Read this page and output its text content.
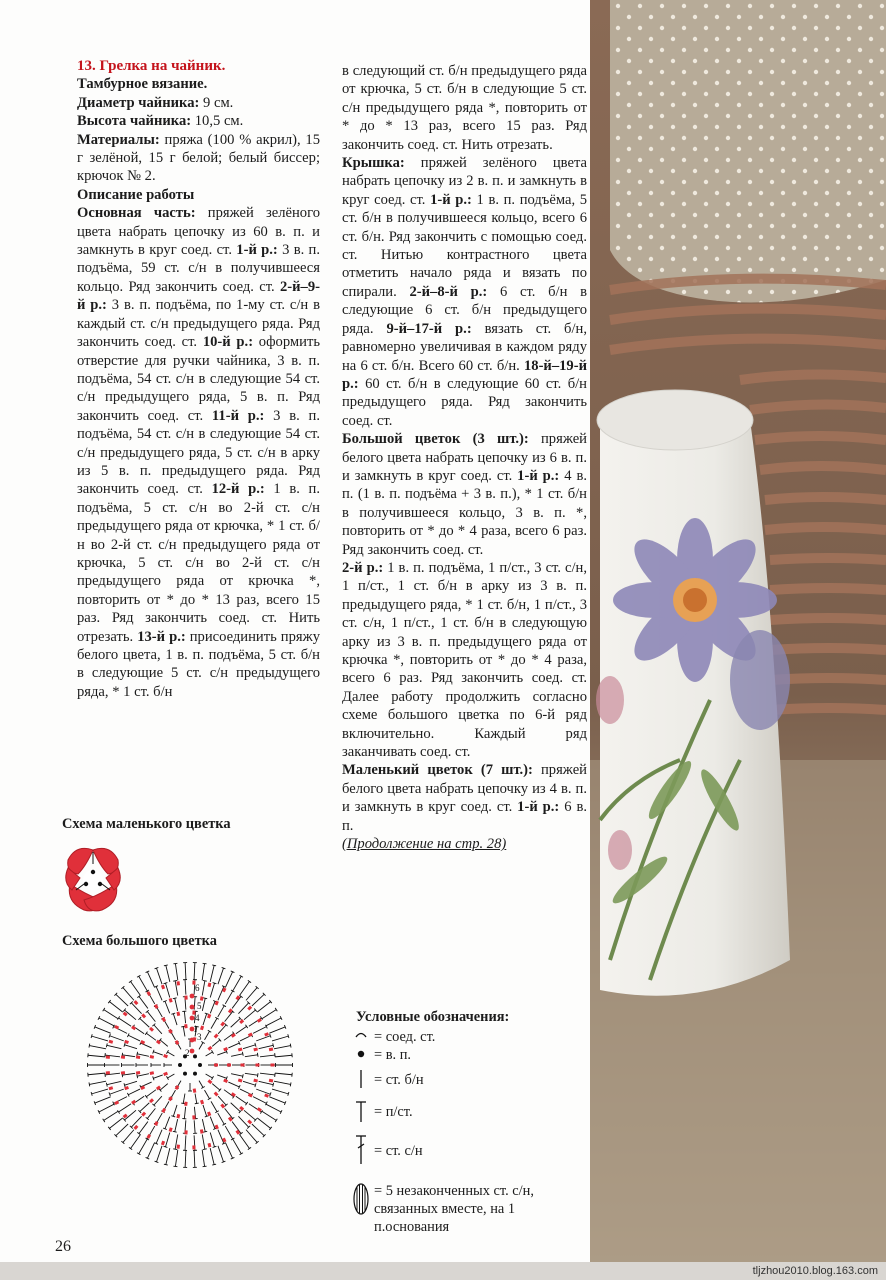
13. Грелка на чайник.

Тамбурное вязание.

Диаметр чайника: 9 см.

Высота чайника: 10,5 см.

Материалы: пряжа (100 % акрил), 15 г зелёной, 15 г белой; белый биссер; крючок № 2.

Описание работы

Основная часть: пряжей зелёного цвета набрать цепочку из 60 в. п. и замкнуть в круг соед. ст. 1-й р.: 3 в. п. подъёма, 59 ст. с/н в получившееся кольцо. Ряд закончить соед. ст. 2-й–9-й р.: 3 в. п. подъёма, по 1-му ст. с/н в каждый ст. с/н предыдущего ряда. Ряд закончить соед. ст. 10-й р.: оформить отверстие для ручки чайника, 3 в. п. подъёма, 54 ст. с/н в следующие 54 ст. с/н предыдущего ряда, 5 в. п. Ряд закончить соед. ст. 11-й р.: 3 в. п. подъёма, 54 ст. с/н в следующие 54 ст. с/н предыдущего ряда, 5 ст. с/н в арку из 5 в. п. предыдущего ряда. Ряд закончить соед. ст. 12-й р.: 1 в. п. подъёма, 5 ст. с/н во 2-й ст. с/н предыдущего ряда от крючка, * 1 ст. б/н во 2-й ст. с/н предыдущего ряда от крючка, 5 ст. с/н во 2-й ст. с/н предыдущего ряда от крючка *, повторить от * до * 13 раз, всего 15 раз. Ряд закончить соед. ст. Нить отрезать. 13-й р.: присоединить пряжу белого цвета, 1 в. п. подъёма, 5 ст. б/н в следующие 5 ст. с/н предыдущего ряда, * 1 ст. б/н

в следующий ст. б/н предыдущего ряда от крючка, 5 ст. б/н в следующие 5 ст. с/н предыдущего ряда *, повторить от * до * 13 раз, всего 15 раз. Ряд закончить соед. ст. Нить отрезать.

Крышка: пряжей зелёного цвета набрать цепочку из 2 в. п. и замкнуть в круг соед. ст. 1-й р.: 1 в. п. подъёма, 5 ст. б/н в получившееся кольцо, всего 6 ст. б/н. Ряд закончить с помощью соед. ст. Нитью контрастного цвета отметить начало ряда и вязать по спирали. 2-й–8-й р.: 6 ст. б/н в следующие 6 ст. б/н предыдущего ряда. 9-й–17-й р.: вязать ст. б/н, равномерно увеличивая в каждом ряду на 6 ст. б/н. Всего 60 ст. б/н. 18-й–19-й р.: 60 ст. б/н в следующие 60 ст. б/н предыдущего ряда. Ряд закончить соед. ст.

Большой цветок (3 шт.): пряжей белого цвета набрать цепочку из 6 в. п. и замкнуть в круг соед. ст. 1-й р.: 4 в. п. (1 в. п. подъёма + 3 в. п.), * 1 ст. б/н в получившееся кольцо, 3 в. п. *, повторить от * до * 4 раза, всего 6 раз. Ряд закончить соед. ст.

2-й р.: 1 в. п. подъёма, 1 п/ст., 3 ст. с/н, 1 п/ст., 1 ст. б/н в арку из 3 в. п. предыдущего ряда, * 1 ст. б/н, 1 п/ст., 3 ст. с/н, 1 п/ст., 1 ст. б/н в следующую арку из 3 в. п. предыдущего ряда от крючка *, повторить от * до * 4 раза, всего 6 раз. Ряд закончить соед. ст. Далее работу продолжить согласно схеме большого цветка по 6-й ряд включительно. Каждый ряд заканчивать соед. ст.

Маленький цветок (7 шт.): пряжей белого цвета набрать цепочку из 4 в. п. и замкнуть в круг соед. ст. 1-й р.: 6 в. п.

(Продолжение на стр. 28)

Схема маленького цветка
Схема большого цветка
1
2
3
4
5
6
Условные обозначения:
= соед. ст.
= в. п.
= ст. б/н
= п/ст.
= ст. с/н
= 5 незаконченных ст. с/н, связанных вместе, на 1 п.основания
26
tljzhou2010.blog.163.com
